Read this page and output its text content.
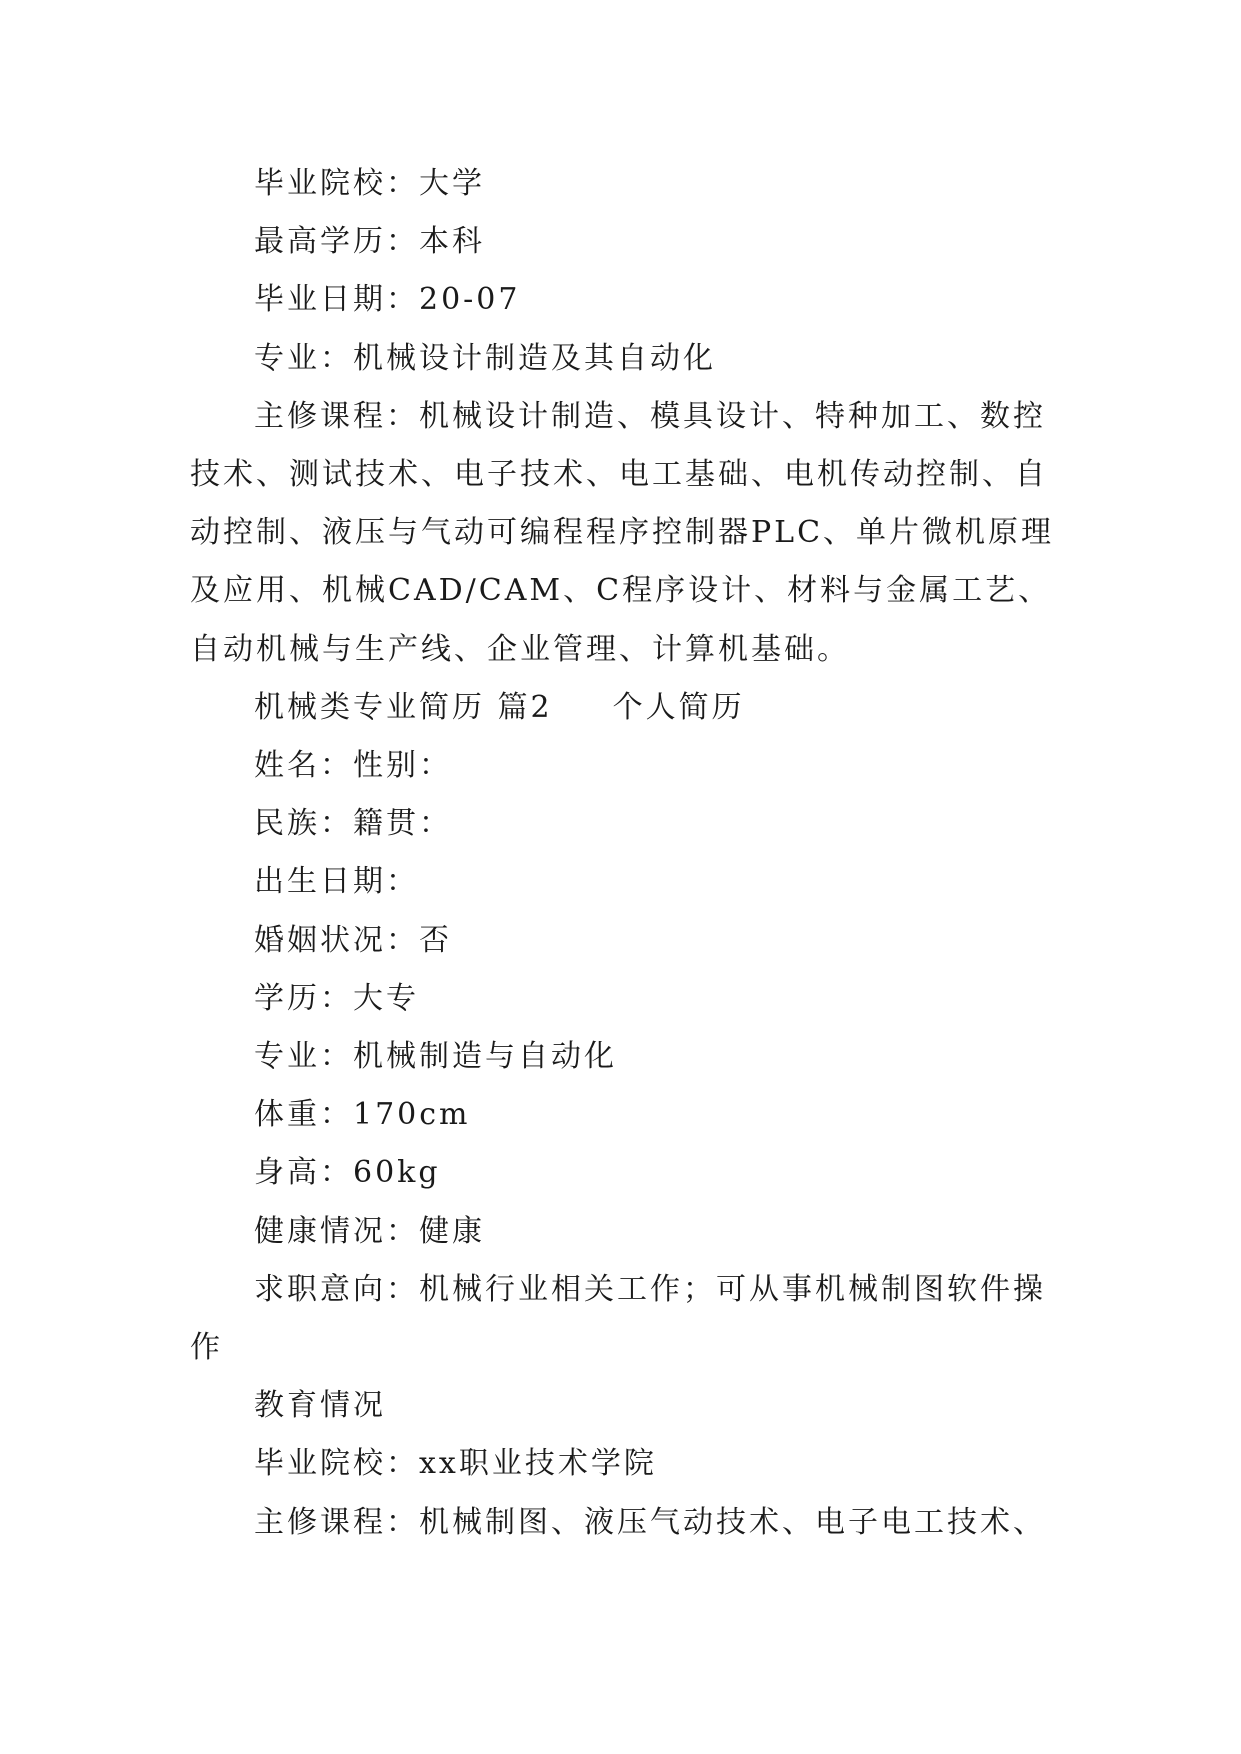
毕业院校：大学

最高学历：本科

毕业日期：20-07

专业：机械设计制造及其自动化

主修课程：机械设计制造、模具设计、特种加工、数控技术、测试技术、电子技术、电工基础、电机传动控制、自动控制、液压与气动可编程程序控制器PLC、单片微机原理及应用、机械CAD/CAM、C程序设计、材料与金属工艺、自动机械与生产线、企业管理、计算机基础。

机械类专业简历 篇2 个人简历

姓名：性别：

民族：籍贯：

出生日期：

婚姻状况：否

学历：大专

专业：机械制造与自动化

体重：170cm

身高：60kg

健康情况：健康

求职意向：机械行业相关工作；可从事机械制图软件操作

教育情况

毕业院校：xx职业技术学院

主修课程：机械制图、液压气动技术、电子电工技术、
